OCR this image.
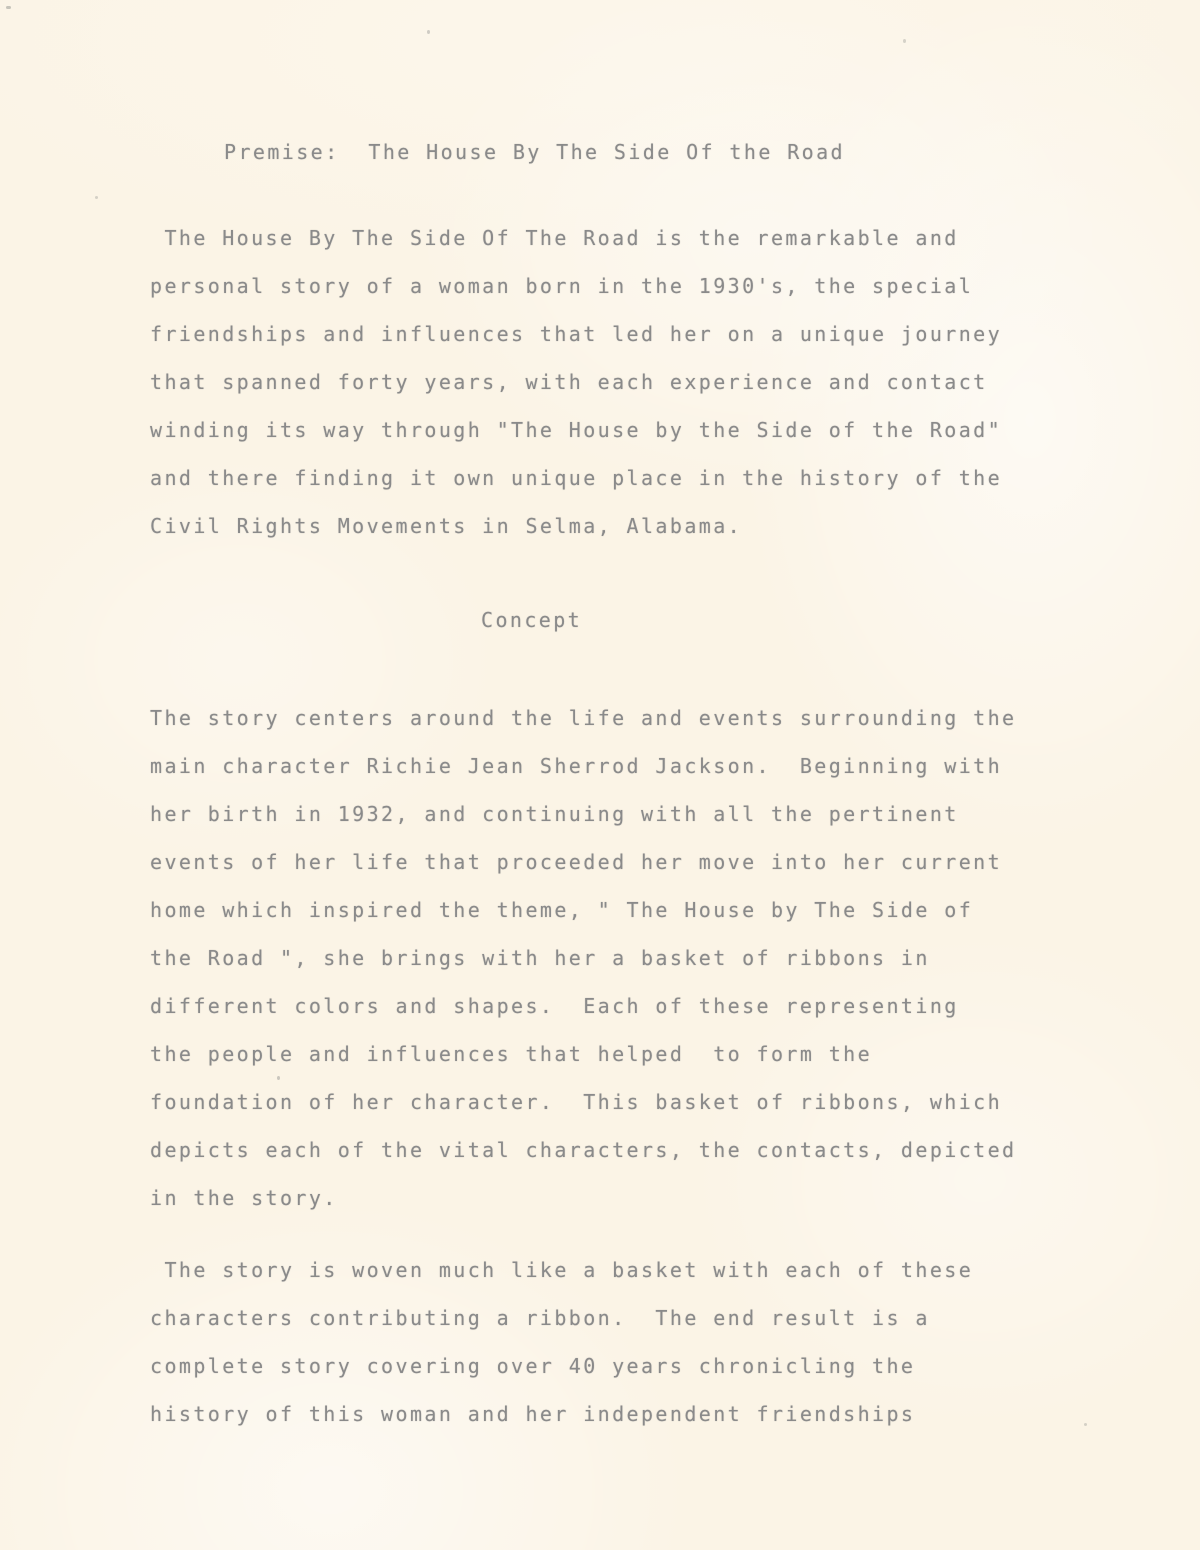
Premise:  The House By The Side Of the Road
The House By The Side Of The Road is the remarkable and
personal story of a woman born in the 1930's, the special
friendships and influences that led her on a unique journey
that spanned forty years, with each experience and contact
winding its way through "The House by the Side of the Road"
and there finding it own unique place in the history of the
Civil Rights Movements in Selma, Alabama.
Concept
The story centers around the life and events surrounding the
main character Richie Jean Sherrod Jackson.  Beginning with
her birth in 1932, and continuing with all the pertinent
events of her life that proceeded her move into her current
home which inspired the theme, " The House by The Side of
the Road ", she brings with her a basket of ribbons in
different colors and shapes.  Each of these representing
the people and influences that helped  to form the
foundation of her character.  This basket of ribbons, which
depicts each of the vital characters, the contacts, depicted
in the story.
The story is woven much like a basket with each of these
characters contributing a ribbon.  The end result is a
complete story covering over 40 years chronicling the
history of this woman and her independent friendships
